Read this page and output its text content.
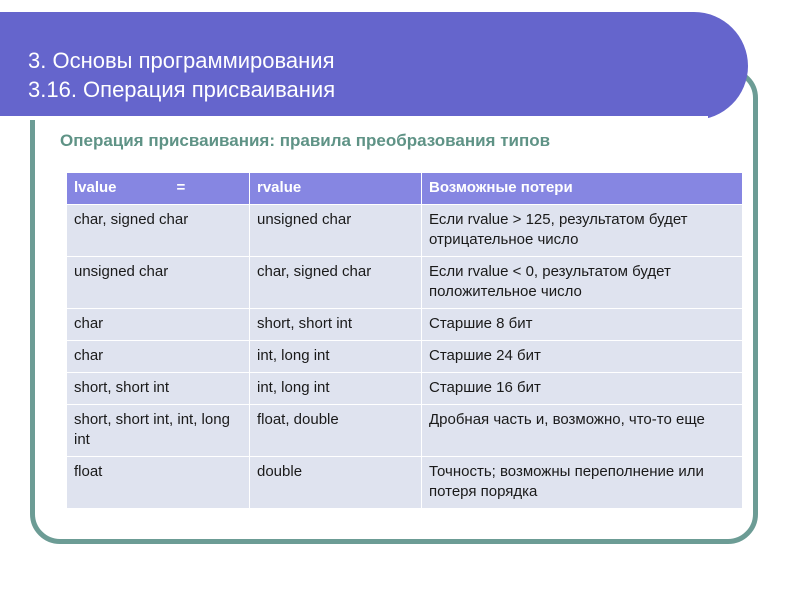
3. Основы программирования
3.16. Операция присваивания
Операция присваивания: правила преобразования типов
lvalue =	rvalue	Возможные потери
char, signed char	unsigned char	Если rvalue > 125, результатом будет отрицательное число
unsigned char	char, signed char	Если rvalue < 0, результатом будет положительное число
char	short, short int	Старшие 8 бит
char	int, long int	Старшие 24 бит
short, short int	int, long int	Старшие 16 бит
short, short int, int, long int	float, double	Дробная часть и, возможно, что-то еще
float	double	Точность; возможны переполнение или потеря порядка
